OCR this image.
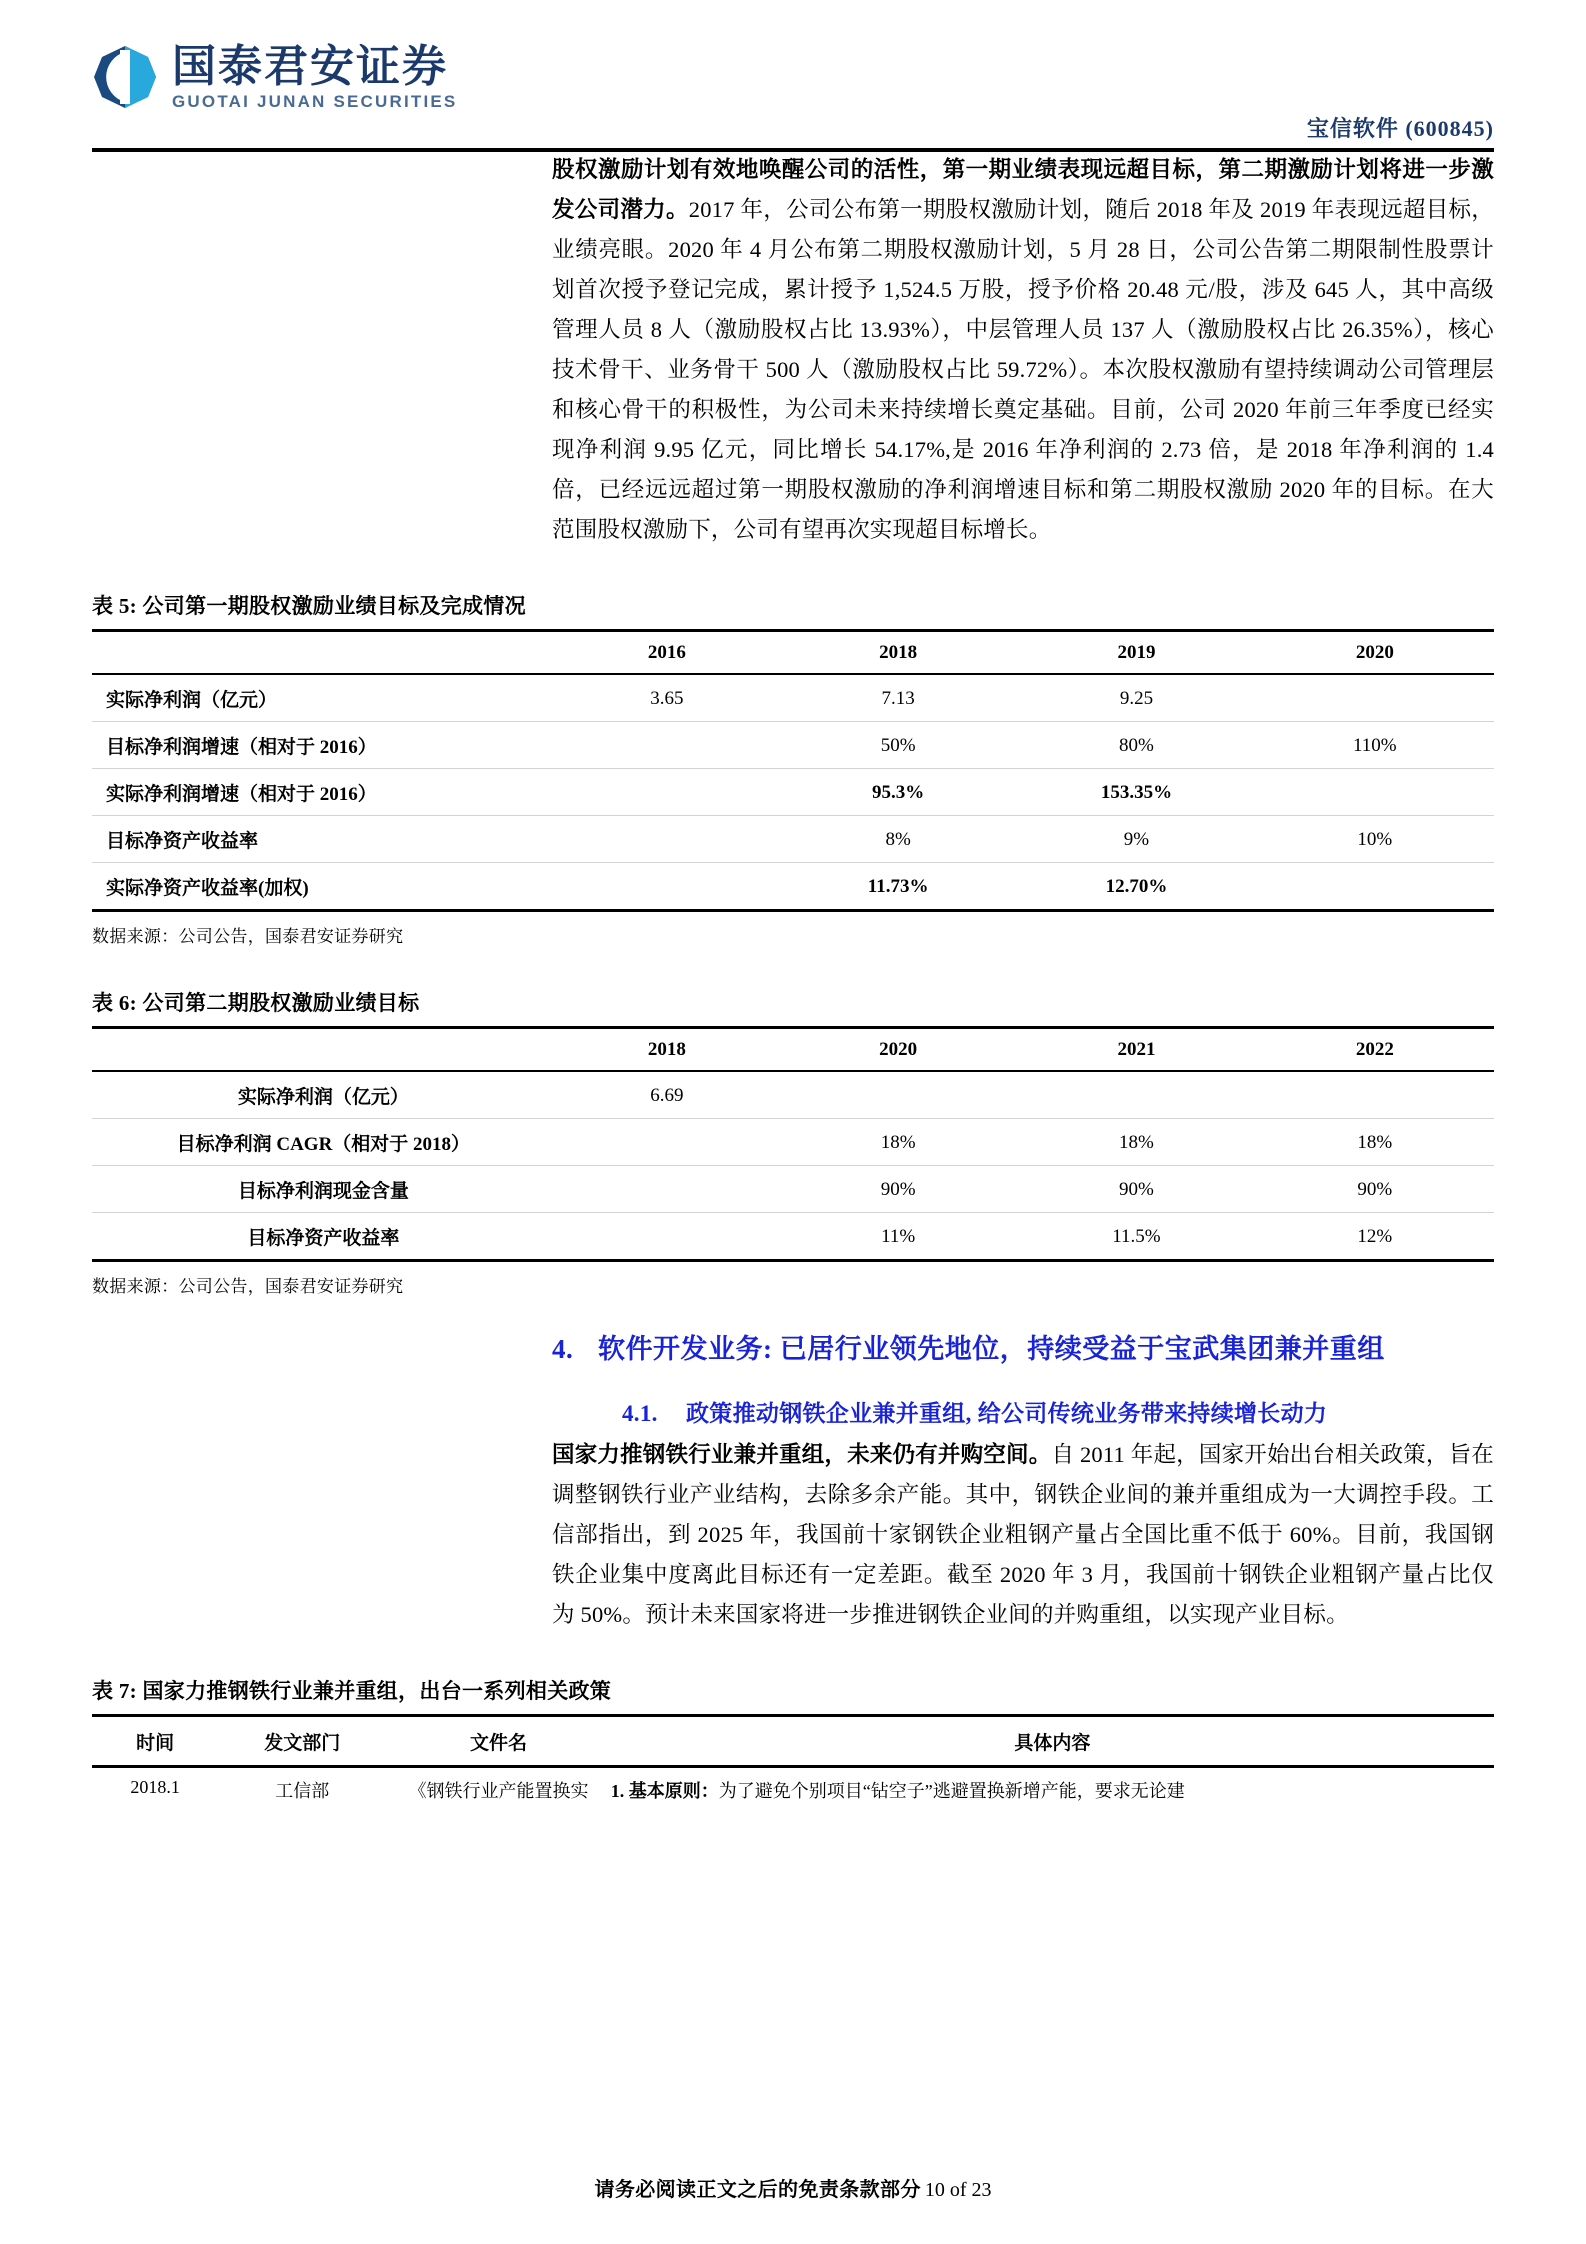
国泰君安证券
GUOTAI JUNAN SECURITIES
宝信软件 (600845)
股权激励计划有效地唤醒公司的活性，第一期业绩表现远超目标，第二期激励计划将进一步激发公司潜力。2017 年，公司公布第一期股权激励计划，随后 2018 年及 2019 年表现远超目标，业绩亮眼。2020 年 4 月公布第二期股权激励计划，5 月 28 日，公司公告第二期限制性股票计划首次授予登记完成，累计授予 1,524.5 万股，授予价格 20.48 元/股，涉及 645 人，其中高级管理人员 8 人（激励股权占比 13.93%），中层管理人员 137 人（激励股权占比 26.35%），核心技术骨干、业务骨干 500 人（激励股权占比 59.72%）。本次股权激励有望持续调动公司管理层和核心骨干的积极性，为公司未来持续增长奠定基础。目前，公司 2020 年前三年季度已经实现净利润 9.95 亿元，同比增长 54.17%,是 2016 年净利润的 2.73 倍，是 2018 年净利润的 1.4 倍，已经远远超过第一期股权激励的净利润增速目标和第二期股权激励 2020 年的目标。在大范围股权激励下，公司有望再次实现超目标增长。
表 5: 公司第一期股权激励业绩目标及完成情况
	2016	2018	2019	2020
实际净利润（亿元）	3.65	7.13	9.25	
目标净利润增速（相对于 2016）		50%	80%	110%
实际净利润增速（相对于 2016）		95.3%	153.35%	
目标净资产收益率		8%	9%	10%
实际净资产收益率(加权)		11.73%	12.70%	
数据来源：公司公告，国泰君安证券研究
表 6: 公司第二期股权激励业绩目标
	2018	2020	2021	2022
实际净利润（亿元）	6.69			
目标净利润 CAGR（相对于 2018）		18%	18%	18%
目标净利润现金含量		90%	90%	90%
目标净资产收益率		11%	11.5%	12%
数据来源：公司公告，国泰君安证券研究
4. 软件开发业务: 已居行业领先地位，持续受益于宝武集团兼并重组
4.1. 政策推动钢铁企业兼并重组, 给公司传统业务带来持续增长动力
国家力推钢铁行业兼并重组，未来仍有并购空间。自 2011 年起，国家开始出台相关政策，旨在调整钢铁行业产业结构，去除多余产能。其中，钢铁企业间的兼并重组成为一大调控手段。工信部指出，到 2025 年，我国前十家钢铁企业粗钢产量占全国比重不低于 60%。目前，我国钢铁企业集中度离此目标还有一定差距。截至 2020 年 3 月，我国前十钢铁企业粗钢产量占比仅为 50%。预计未来国家将进一步推进钢铁企业间的并购重组，以实现产业目标。
表 7: 国家力推钢铁行业兼并重组，出台一系列相关政策
时间	发文部门	文件名	具体内容
2018.1	工信部	《钢铁行业产能置换实	1. 基本原则：为了避免个别项目“钻空子”逃避置换新增产能，要求无论建
请务必阅读正文之后的免责条款部分 10 of 23
